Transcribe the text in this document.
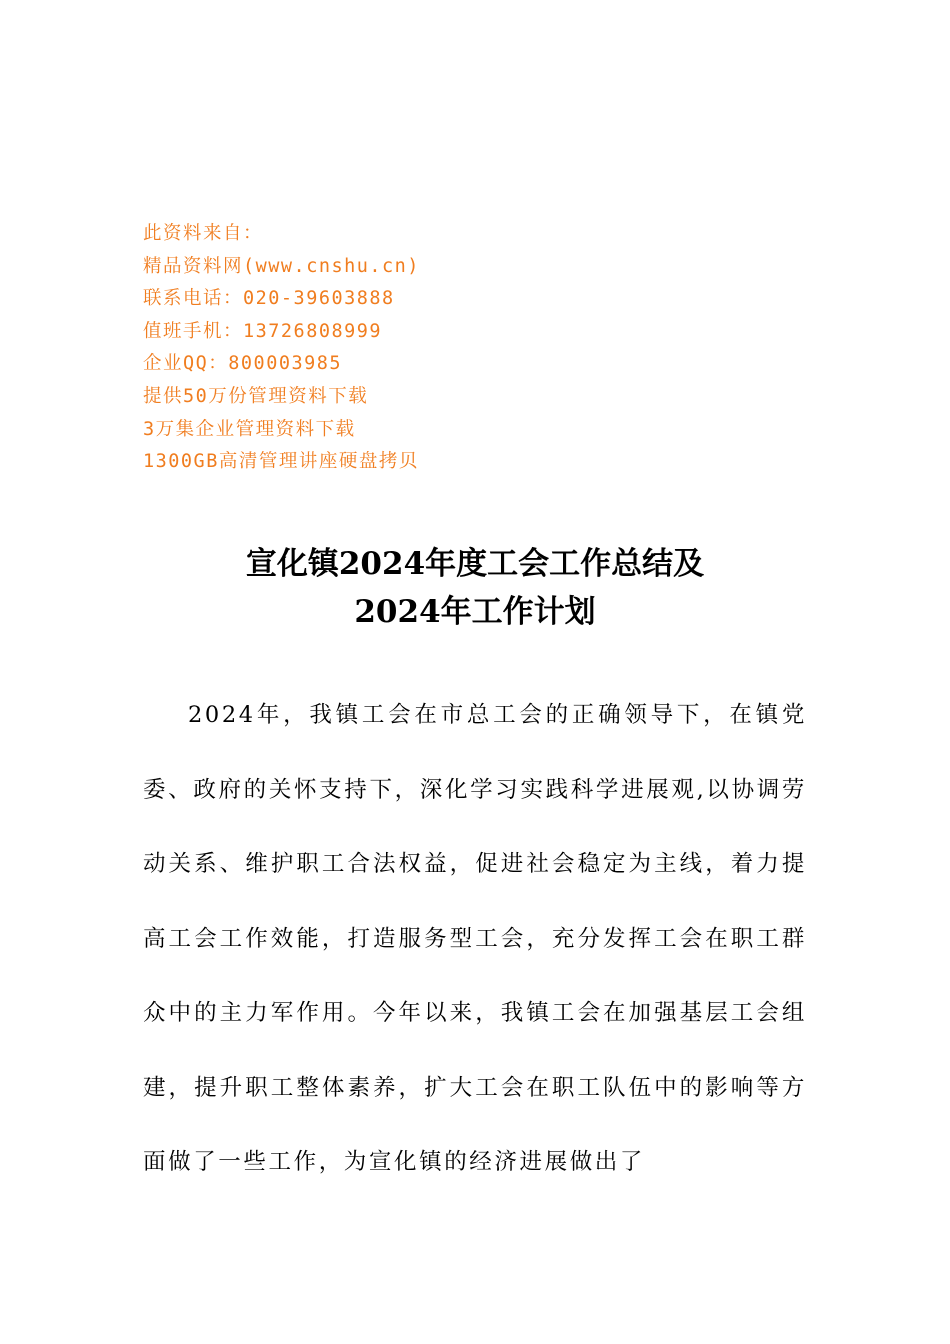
此资料来自：
精品资料网(www.cnshu.cn)
联系电话：020-39603888
值班手机：13726808999
企业QQ：800003985
提供50万份管理资料下载
3万集企业管理资料下载
1300GB高清管理讲座硬盘拷贝
宣化镇2024年度工会工作总结及
2024年工作计划

2024年，我镇工会在市总工会的正确领导下，在镇党委、政府的关怀支持下，深化学习实践科学进展观,以协调劳动关系、维护职工合法权益，促进社会稳定为主线，着力提高工会工作效能，打造服务型工会，充分发挥工会在职工群众中的主力军作用。今年以来，我镇工会在加强基层工会组建，提升职工整体素养，扩大工会在职工队伍中的影响等方面做了一些工作，为宣化镇的经济进展做出了
